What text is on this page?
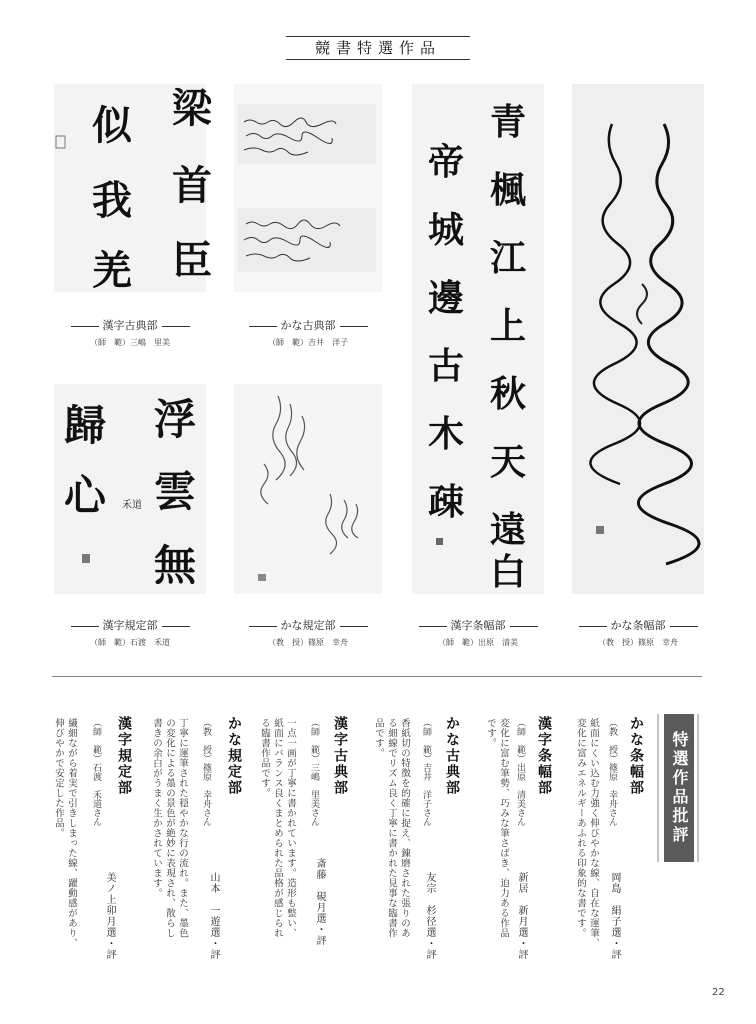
競書特選作品
梁
首
臣
似
我
羌
漢字古典部
（師　範）三嶋　里美
かな古典部
（師　範）吉井　洋子
青
楓
江
上
秋
天
遠
白
帝
城
邊
古
木
疎
漢字条幅部
（師　範）出原　清美
かな条幅部
（教　授）篠原　幸舟
浮
雲
無
歸
心 禾道
漢字規定部
（師　範）石渡　禾道
かな規定部
（教　授）篠原　幸舟
特選作品批評
かな条幅部
（教　授）篠原　幸舟さん
紙面にくい込む力強く伸びやかな線、自在な運筆、
変化に富みエネルギーあふれる印象的な書です。	岡島　絹子選・評
漢字条幅部
（師　範）出原　清美さん
変化に富む筆勢、巧みな筆さばき、迫力ある作品
です。
新居　新月選・評
かな古典部
（師　範）吉井　洋子さん
香紙切の特徴を的確に捉え、錬磨された張りのあ
る細線でリズム良く丁寧に書かれた見事な臨書作
品です。
友宗　杉径選・評
漢字古典部
（師　範）三嶋　里美さん
一点一画が丁寧に書かれています。造形も整い、
紙面にバランス良くまとめられた品格が感じられ
る臨書作品です。
斎藤　硯月選・評
かな規定部
（教　授）篠原　幸舟さん
丁寧に運筆された穏やかな行の流れ。また、墨色
の変化による墨の景色が絶妙に表現され、散らし
書きの余白がうまく生かされています。
山本　一遊選・評
漢字規定部
（師　範）石渡　禾道さん
繊細ながら着実で引きしまった線、躍動感があり、
伸びやかで安定した作品。
美ノ上卯月選・評
22
